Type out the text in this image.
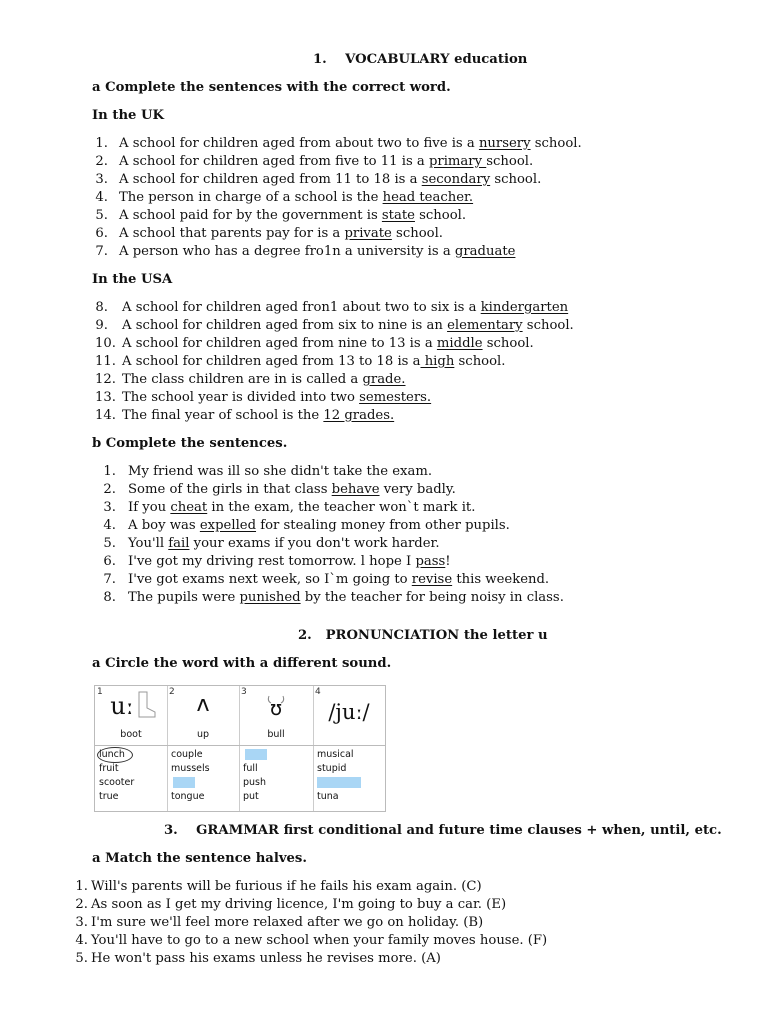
1. VOCABULARY education
a Complete the sentences with the correct word.
In the UK
1. A school for children aged from about two to five is a nursery school.
2. A school for children aged from five to 11 is a primary school.
3. A school for children aged from 11 to 18 is a secondary school.
4. The person in charge of a school is the head teacher.
5. A school paid for by the government is state school.
6. A school that parents pay for is a private school.
7. A person who has a degree fro1n a university is a graduate
In the USA
8. A school for children aged fron1 about two to six is a kindergarten
9. A school for children aged from six to nine is an elementary school.
10. A school for children aged from nine to 13 is a middle school.
11. A school for children aged from 13 to 18 is a high school.
12. The class children are in is called a grade.
13. The school year is divided into two semesters.
14. The final year of school is the 12 grades.
b Complete the sentences.
1. My friend was ill so she didn't take the exam.
2. Some of the girls in that class behave very badly.
3. If you cheat in the exam, the teacher won`t mark it.
4. A boy was expelled for stealing money from other pupils.
5. You'll fail your exams if you don't work harder.
6. I've got my driving rest tomorrow. l hope I pass!
7. I've got exams next week, so I`m going to revise this weekend.
8. The pupils were punished by the teacher for being noisy in class.
2. PRONUNCIATION the letter u
a Circle the word with a different sound.
1 uː
boot
lunch
fruit
scooter
true
2 ʌ
up
couple
mussels
tongue
3
ʊ
bull
full
push
put
4
/juː/
musical
stupid
tuna
3. GRAMMAR first conditional and future time clauses + when, until, etc.
a Match the sentence halves.
1. Will's parents will be furious if he fails his exam again. (C)
2. As soon as I get my driving licence, I'm going to buy a car. (E)
3. I'm sure we'll feel more relaxed after we go on holiday. (B)
4. You'll have to go to a new school when your family moves house. (F)
5. He won't pass his exams unless he revises more. (A)
